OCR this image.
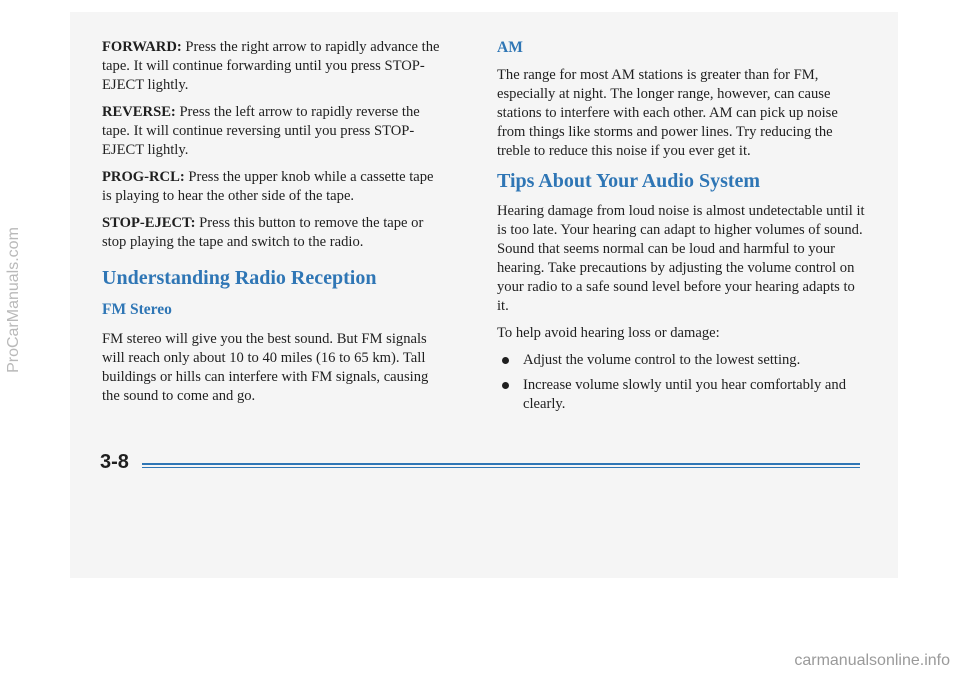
FORWARD: Press the right arrow to rapidly advance the tape. It will continue forwarding until you press STOP-EJECT lightly.

REVERSE: Press the left arrow to rapidly reverse the tape. It will continue reversing until you press STOP-EJECT lightly.

PROG-RCL: Press the upper knob while a cassette tape is playing to hear the other side of the tape.

STOP-EJECT: Press this button to remove the tape or stop playing the tape and switch to the radio.

Understanding Radio Reception
FM Stereo

FM stereo will give you the best sound. But FM signals will reach only about 10 to 40 miles (16 to 65 km). Tall buildings or hills can interfere with FM signals, causing the sound to come and go.

AM

The range for most AM stations is greater than for FM, especially at night. The longer range, however, can cause stations to interfere with each other. AM can pick up noise from things like storms and power lines. Try reducing the treble to reduce this noise if you ever get it.

Tips About Your Audio System

Hearing damage from loud noise is almost undetectable until it is too late. Your hearing can adapt to higher volumes of sound. Sound that seems normal can be loud and harmful to your hearing. Take precautions by adjusting the volume control on your radio to a safe sound level before your hearing adapts to it.

To help avoid hearing loss or damage:

Adjust the volume control to the lowest setting.
Increase volume slowly until you hear comfortably and clearly.
3-8
ProCarManuals.com
carmanualsonline.info
